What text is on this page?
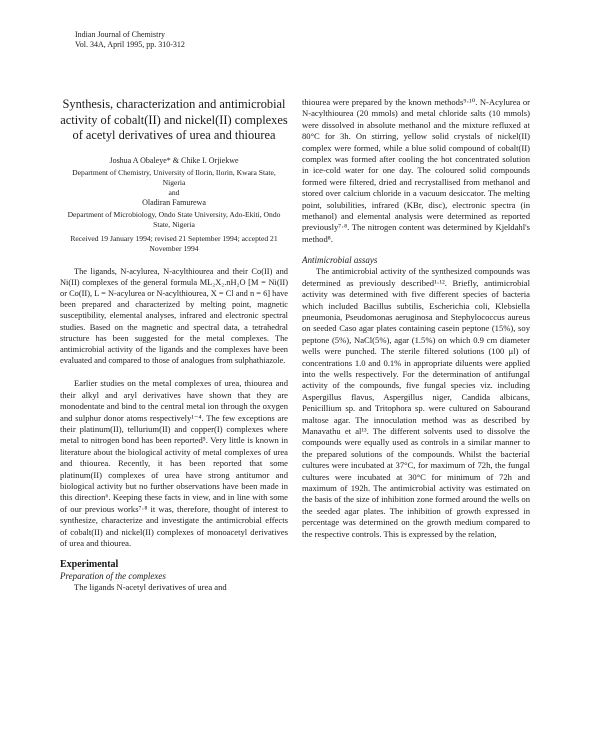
Indian Journal of Chemistry
Vol. 34A, April 1995, pp. 310-312
Synthesis, characterization and antimicrobial activity of cobalt(II) and nickel(II) complexes of acetyl derivatives of urea and thiourea
Joshua A Obaleye* & Chike I. Orjiekwe
Department of Chemistry, University of Ilorin, Ilorin, Kwara State, Nigeria
and
Oladiran Famurewa
Department of Microbiology, Ondo State University, Ado-Ekiti, Ondo State, Nigeria
Received 19 January 1994; revised 21 September 1994; accepted 21 November 1994

The ligands, N-acylurea, N-acylthiourea and their Co(II) and Ni(II) complexes of the general formula ML₂X₂.nH₂O [M = Ni(II) or Co(II), L = N-acylurea or N-acylthiourea, X = Cl and n = 6] have been prepared and characterized by melting point, magnetic susceptibility, elemental analyses, infrared and electronic spectral studies. Based on the magnetic and spectral data, a tetrahedral structure has been suggested for the metal complexes. The antimicrobial activity of the ligands and the complexes have been evaluated and compared to those of analogues from sulphathiazole.

Earlier studies on the metal complexes of urea, thiourea and their alkyl and aryl derivatives have shown that they are monodentate and bind to the central metal ion through the oxygen and sulphur donor atoms respectively¹⁻⁴. The few exceptions are their platinum(II), tellurium(II) and copper(I) complexes where metal to nitrogen bond has been reported⁵. Very little is known in literature about the biological activity of metal complexes of urea and thiourea. Recently, it has been reported that some platinum(II) complexes of urea have strong antitumor and biological activity but no further observations have been made in this direction⁶. Keeping these facts in view, and in line with some of our previous works⁷·⁸ it was, therefore, thought of interest to synthesize, characterize and investigate the antimicrobial effects of cobalt(II) and nickel(II) complexes of monoacetyl derivatives of urea and thiourea.

Experimental
Preparation of the complexes

The ligands N-acetyl derivatives of urea and

thiourea were prepared by the known methods⁹·¹⁰. N-Acylurea or N-acylthiourea (20 mmols) and metal chloride salts (10 mmols) were dissolved in absolute methanol and the mixture refluxed at 80°C for 3h. On stirring, yellow solid crystals of nickel(II) complex were formed, while a blue solid compound of cobalt(II) complex was formed after cooling the hot concentrated solution in ice-cold water for one day. The coloured solid compounds formed were filtered, dried and recrystallised from methanol and stored over calcium chloride in a vacuum desiccator. The melting point, solubilities, infrared (KBr, disc), electronic spectra (in methanol) and elemental analysis were determined as reported previously⁷·⁸. The nitrogen content was determined by Kjeldahl's method⁸.

Antimicrobial assays

The antimicrobial activity of the synthesized compounds was determined as previously described¹·¹². Briefly, antimicrobial activity was determined with five different species of bacteria which included Bacillus subtilis, Escherichia coli, Klebsiella pneumonia, Pseudomonas aeruginosa and Stephylococcus aureus on seeded Caso agar plates containing casein peptone (15%), soy peptone (5%), NaCl(5%), agar (1.5%) on which 0.9 cm diameter wells were punched. The sterile filtered solutions (100 μl) of concentrations 1.0 and 0.1% in appropriate diluents were applied into the wells respectively. For the determination of antifungal activity of the compounds, five fungal species viz. including Aspergillus flavus, Aspergillus niger, Candida albicans, Penicillium sp. and Tritophora sp. were cultured on Sabourand maltose agar. The innoculation method was as described by Manavathu et al¹³. The different solvents used to dissolve the compounds were equally used as controls in a similar manner to the prepared solutions of the compounds. Whilst the bacterial cultures were incubated at 37°C, for maximum of 72h, the fungal cultures were incubated at 30°C for minimum of 72h and maximum of 192h. The antimicrobial activity was estimated on the basis of the size of inhibition zone formed around the wells on the seeded agar plates. The inhibition of growth expressed in percentage was determined on the growth medium compared to the respective controls. This is expressed by the relation,
